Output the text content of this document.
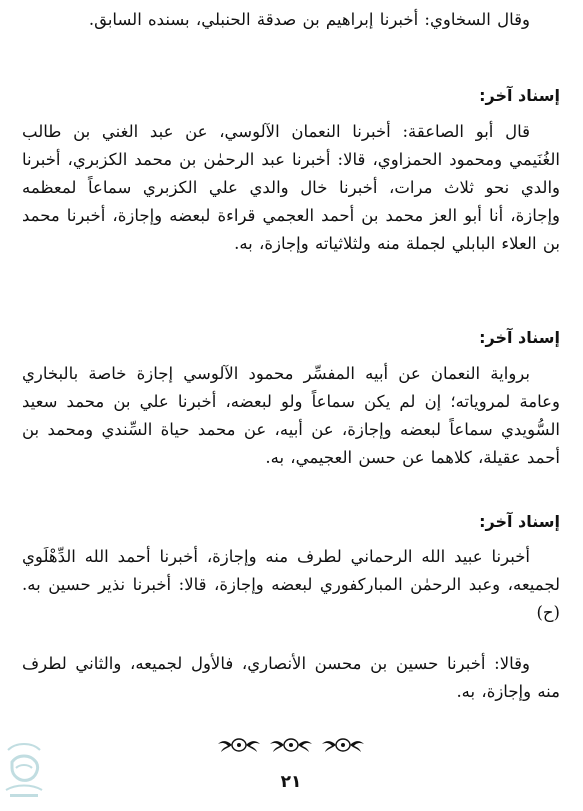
وقال السخاوي: أخبرنا إبراهيم بن صدقة الحنبلي، بسنده السابق.

إسناد آخر:

قال أبو الصاعقة: أخبرنا النعمان الآلوسي، عن عبد الغني بن طالب الغُنَيمي ومحمود الحمزاوي، قالا: أخبرنا عبد الرحمٰن بن محمد الكزبري، أخبرنا والدي نحو ثلاث مرات، أخبرنا خال والدي علي الكزبري سماعاً لمعظمه وإجازة، أنا أبو العز محمد بن أحمد العجمي قراءة لبعضه وإجازة، أخبرنا محمد بن العلاء البابلي لجملة منه ولثلاثياته وإجازة، به.

إسناد آخر:

برواية النعمان عن أبيه المفسِّر محمود الآلوسي إجازة خاصة بالبخاري وعامة لمروياته؛ إن لم يكن سماعاً ولو لبعضه، أخبرنا علي بن محمد سعيد السُّويدي سماعاً لبعضه وإجازة، عن أبيه، عن محمد حياة السِّندي ومحمد بن أحمد عقيلة، كلاهما عن حسن العجيمي، به.

إسناد آخر:

أخبرنا عبيد الله الرحماني لطرف منه وإجازة، أخبرنا أحمد الله الدِّهْلَوي لجميعه، وعبد الرحمٰن المباركفوري لبعضه وإجازة، قالا: أخبرنا نذير حسين به. (ح)

وقالا: أخبرنا حسين بن محسن الأنصاري، فالأول لجميعه، والثاني لطرف منه وإجازة، به.

٢١
